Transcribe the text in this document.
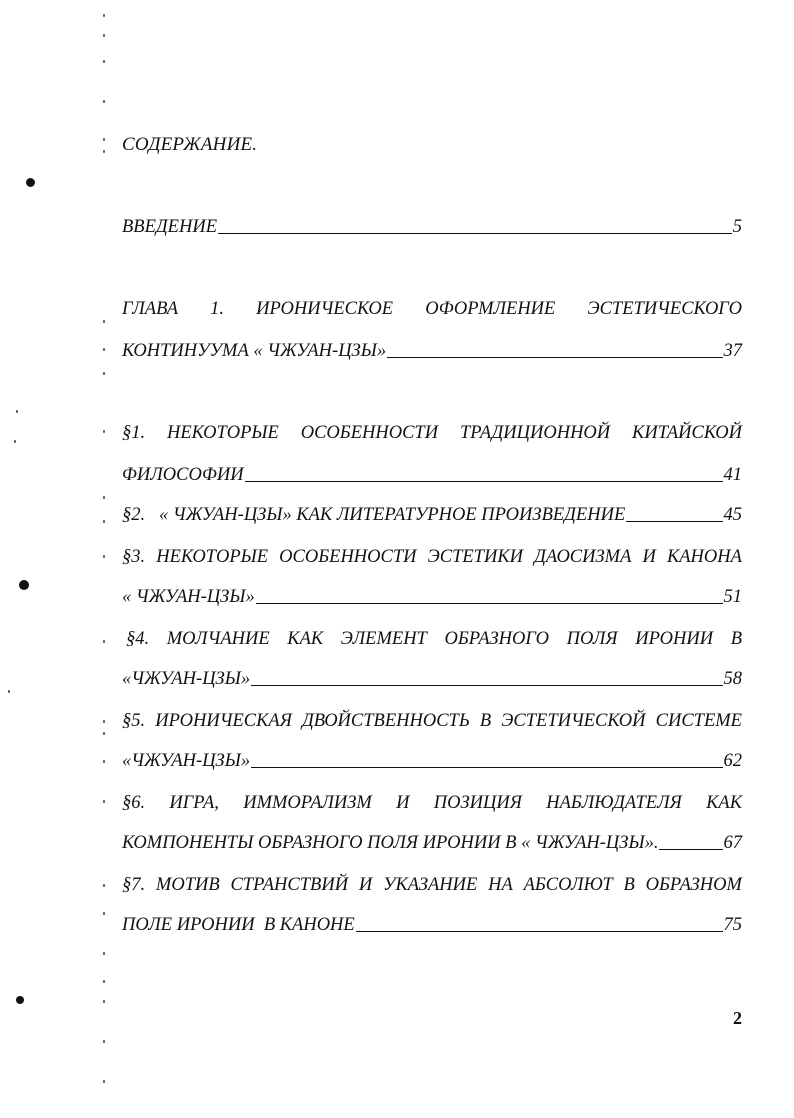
СОДЕРЖАНИЕ.
ВВЕДЕНИЕ	5
ГЛАВА 1. ИРОНИЧЕСКОЕ ОФОРМЛЕНИЕ ЭСТЕТИЧЕСКОГО
КОНТИНУУМА « ЧЖУАН-ЦЗЫ»	37
§1. НЕКОТОРЫЕ ОСОБЕННОСТИ ТРАДИЦИОННОЙ КИТАЙСКОЙ
ФИЛОСОФИИ	41
§2.   « ЧЖУАН-ЦЗЫ» КАК ЛИТЕРАТУРНОЕ ПРОИЗВЕДЕНИЕ	45
§3. НЕКОТОРЫЕ ОСОБЕННОСТИ ЭСТЕТИКИ ДАОСИЗМА И КАНОНА
« ЧЖУАН-ЦЗЫ»	51
§4. МОЛЧАНИЕ КАК ЭЛЕМЕНТ ОБРАЗНОГО ПОЛЯ ИРОНИИ В
«ЧЖУАН-ЦЗЫ»	58
§5. ИРОНИЧЕСКАЯ ДВОЙСТВЕННОСТЬ В ЭСТЕТИЧЕСКОЙ СИСТЕМЕ
«ЧЖУАН-ЦЗЫ»	62
§6. ИГРА, ИММОРАЛИЗМ И ПОЗИЦИЯ НАБЛЮДАТЕЛЯ КАК
КОМПОНЕНТЫ ОБРАЗНОГО ПОЛЯ ИРОНИИ В « ЧЖУАН-ЦЗЫ».	67
§7. МОТИВ СТРАНСТВИЙ И УКАЗАНИЕ НА АБСОЛЮТ В ОБРАЗНОМ
ПОЛЕ ИРОНИИ  В КАНОНЕ	75
2
